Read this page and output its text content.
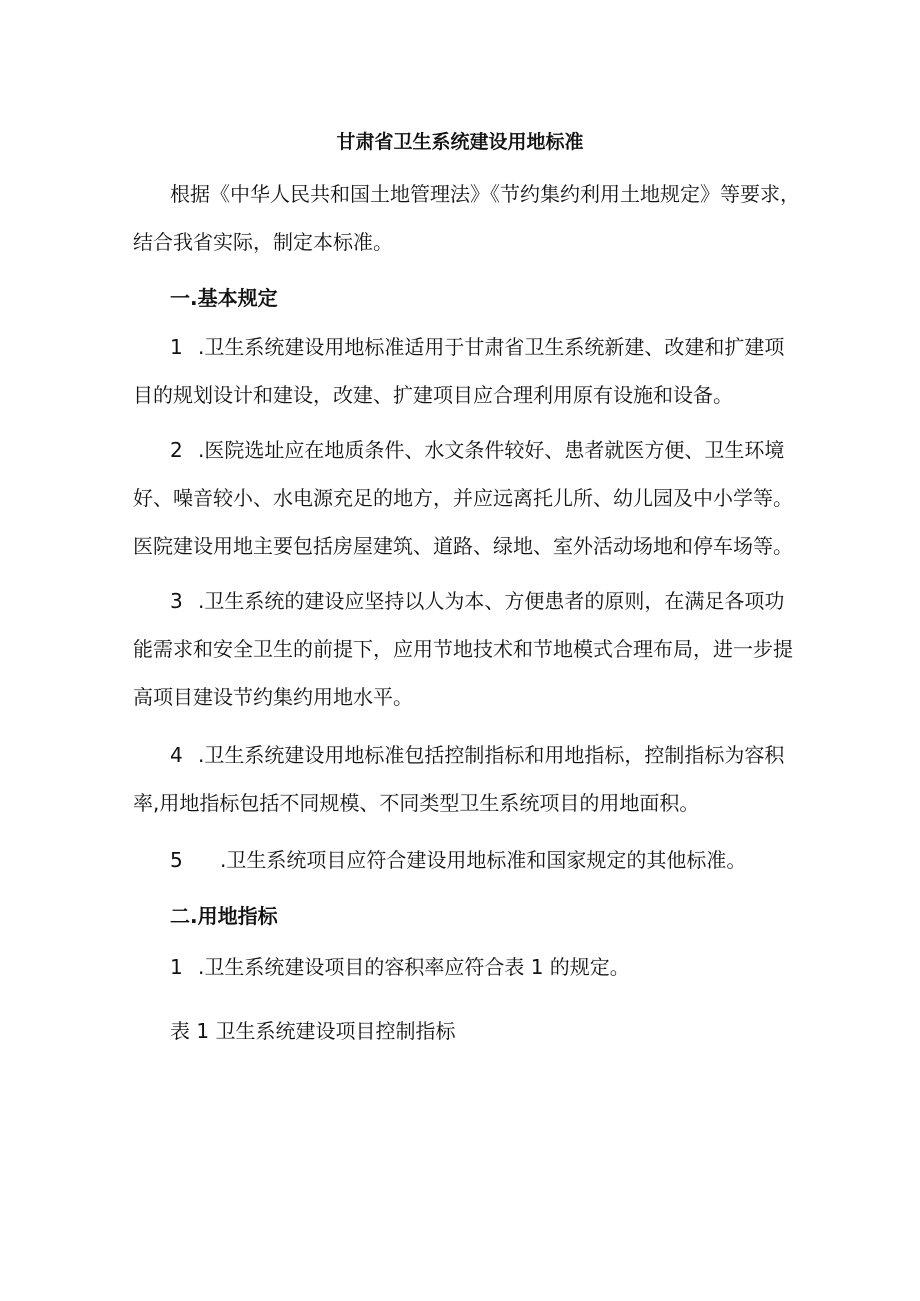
甘肃省卫生系统建设用地标准
根据《中华人民共和国土地管理法》《节约集约利用土地规定》等要求，
结合我省实际，制定本标准。
一.基本规定
1 .卫生系统建设用地标准适用于甘肃省卫生系统新建、改建和扩建项
目的规划设计和建设，改建、扩建项目应合理利用原有设施和设备。
2 .医院选址应在地质条件、水文条件较好、患者就医方便、卫生环境
好、噪音较小、水电源充足的地方，并应远离托儿所、幼儿园及中小学等。
医院建设用地主要包括房屋建筑、道路、绿地、室外活动场地和停车场等。
3 .卫生系统的建设应坚持以人为本、方便患者的原则，在满足各项功
能需求和安全卫生的前提下，应用节地技术和节地模式合理布局，进一步提
高项目建设节约集约用地水平。
4 .卫生系统建设用地标准包括控制指标和用地指标，控制指标为容积
率,用地指标包括不同规模、不同类型卫生系统项目的用地面积。
5 .卫生系统项目应符合建设用地标准和国家规定的其他标准。
二.用地指标
1 .卫生系统建设项目的容积率应符合表 1 的规定。
表 1 卫生系统建设项目控制指标
